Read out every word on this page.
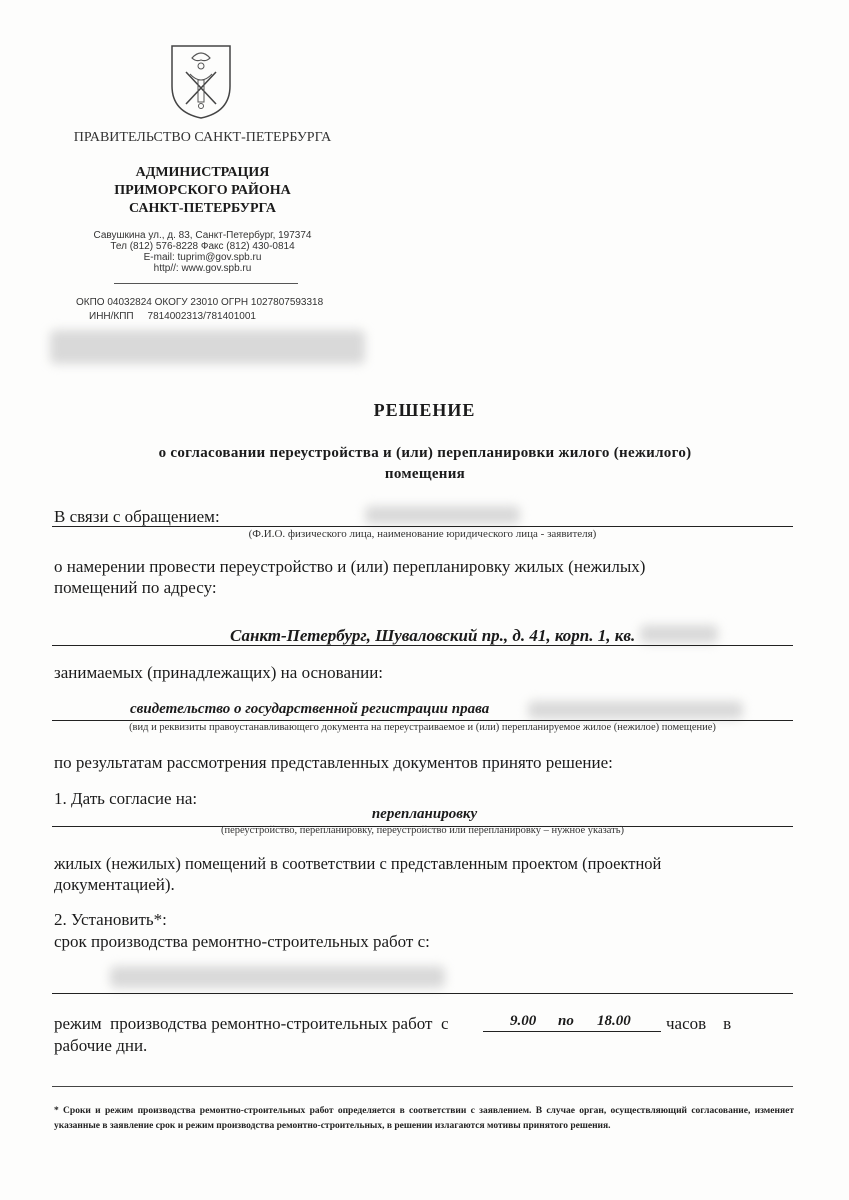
ПРАВИТЕЛЬСТВО САНКТ-ПЕТЕРБУРГА
АДМИНИСТРАЦИЯ
ПРИМОРСКОГО РАЙОНА
САНКТ-ПЕТЕРБУРГА
Савушкина ул., д. 83, Санкт-Петербург, 197374
Тел (812) 576-8228 Факс (812) 430-0814
E-mail: tuprim@gov.spb.ru
http//: www.gov.spb.ru
ОКПО 04032824 ОКОГУ 23010 ОГРН 1027807593318
ИНН/КПП     7814002313/781401001
РЕШЕНИЕ
о согласовании переустройства и (или) перепланировки жилого (нежилого)
помещения
В связи с обращением:
(Ф.И.О. физического лица, наименование юридического лица - заявителя)
о намерении провести переустройство и (или) перепланировку жилых (нежилых)
помещений по адресу:
Санкт-Петербург, Шуваловский пр., д. 41, корп. 1, кв.
занимаемых (принадлежащих) на основании:
свидетельство о государственной регистрации права
(вид и реквизиты правоустанавливающего документа на переустраиваемое и (или) перепланируемое жилое (нежилое) помещение)
по результатам рассмотрения представленных документов принято решение:
1. Дать согласие на:
перепланировку
(переустройство, перепланировку, переустройство или перепланировку – нужное указать)
жилых (нежилых) помещений в соответствии с представленным проектом (проектной
документацией).
2. Установить*:
срок производства ремонтно-строительных работ с:
режим  производства ремонтно-строительных работ  с	9.00 по 18.00 часов    в
рабочие дни.
* Сроки и режим производства ремонтно-строительных работ определяется в соответствии с заявлением. В случае орган, осуществляющий согласование, изменяет указанные в заявление срок и режим производства ремонтно-строительных, в решении излагаются мотивы принятого решения.
